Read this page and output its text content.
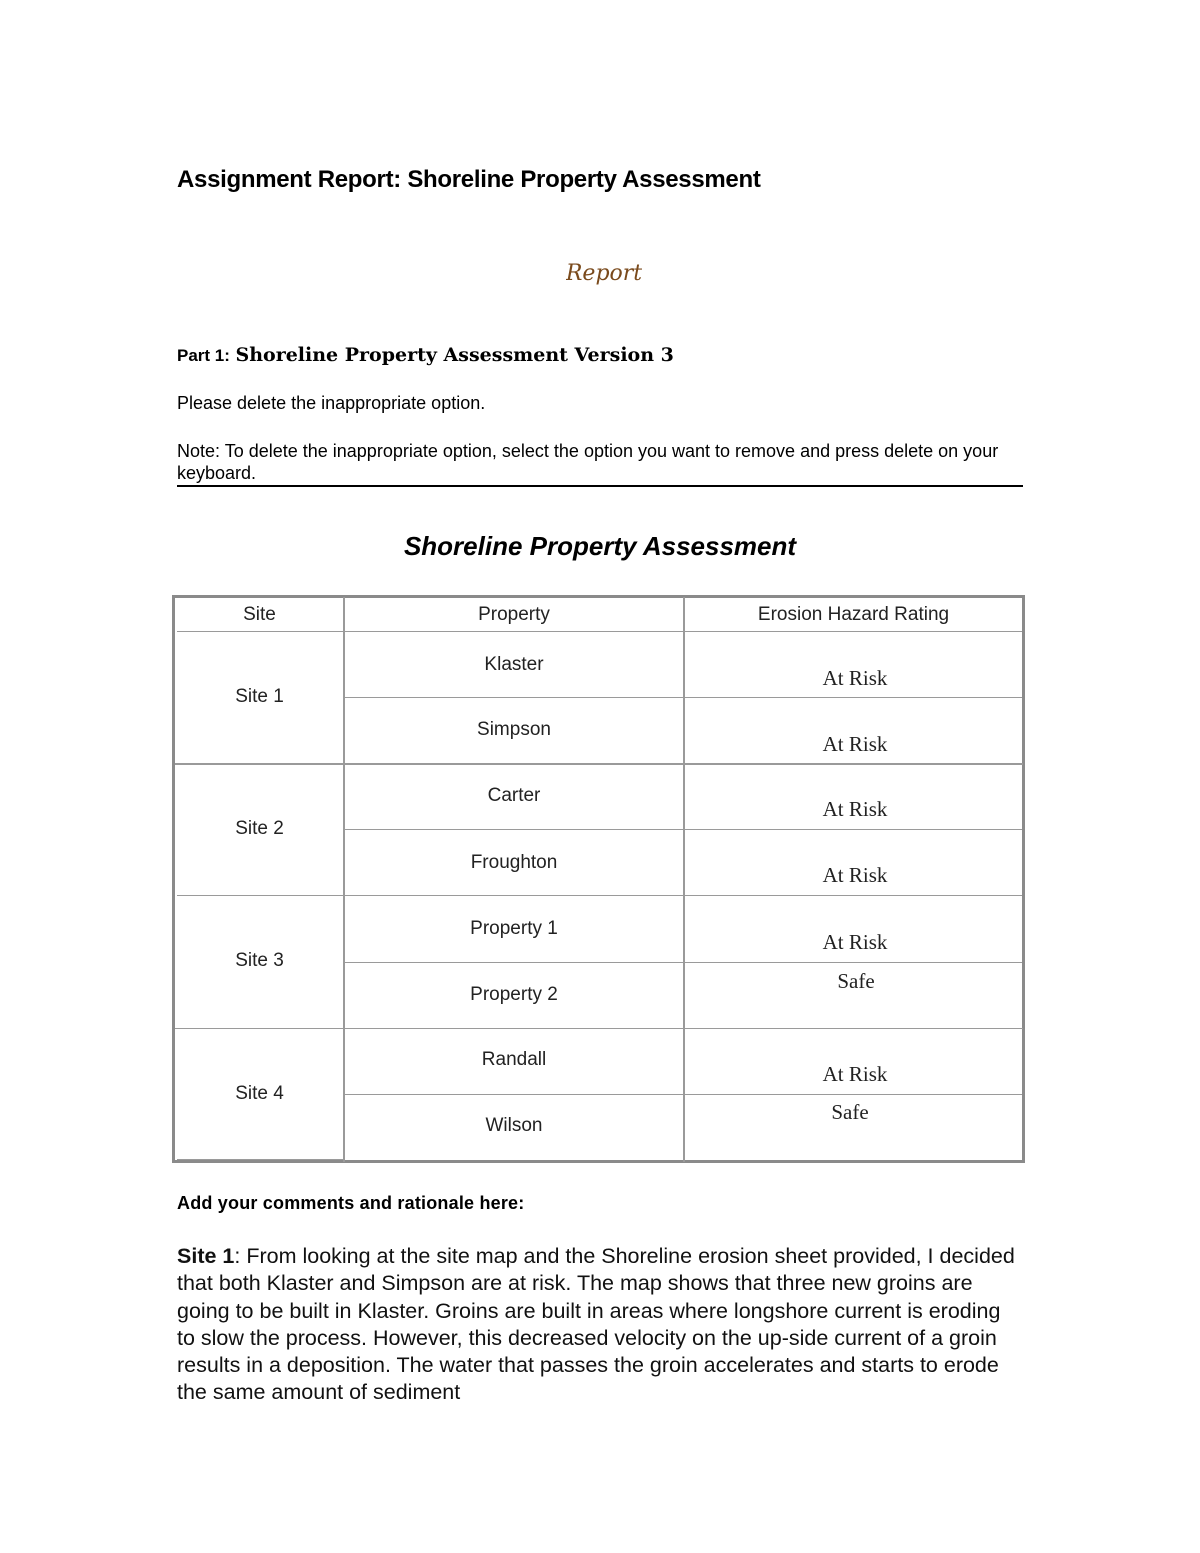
Assignment Report: Shoreline Property Assessment
Report
Part 1: Shoreline Property Assessment Version 3

Please delete the inappropriate option.

Note: To delete the inappropriate option, select the option you want to remove and press delete on your keyboard.

Shoreline Property Assessment
Site	Property	Erosion Hazard Rating
Site 1
Klaster
At Risk
Simpson
At Risk
Site 2
Carter
At Risk
Froughton
At Risk
Site 3
Property 1
At Risk
Property 2
Safe
Site 4
Randall
At Risk
Wilson
Safe

Add your comments and rationale here:

Site 1: From looking at the site map and the Shoreline erosion sheet provided, I decided that both Klaster and Simpson are at risk. The map shows that three new groins are going to be built in Klaster. Groins are built in areas where longshore current is eroding to slow the process. However, this decreased velocity on the up-side current of a groin results in a deposition. The water that passes the groin accelerates and starts to erode the same amount of sediment
